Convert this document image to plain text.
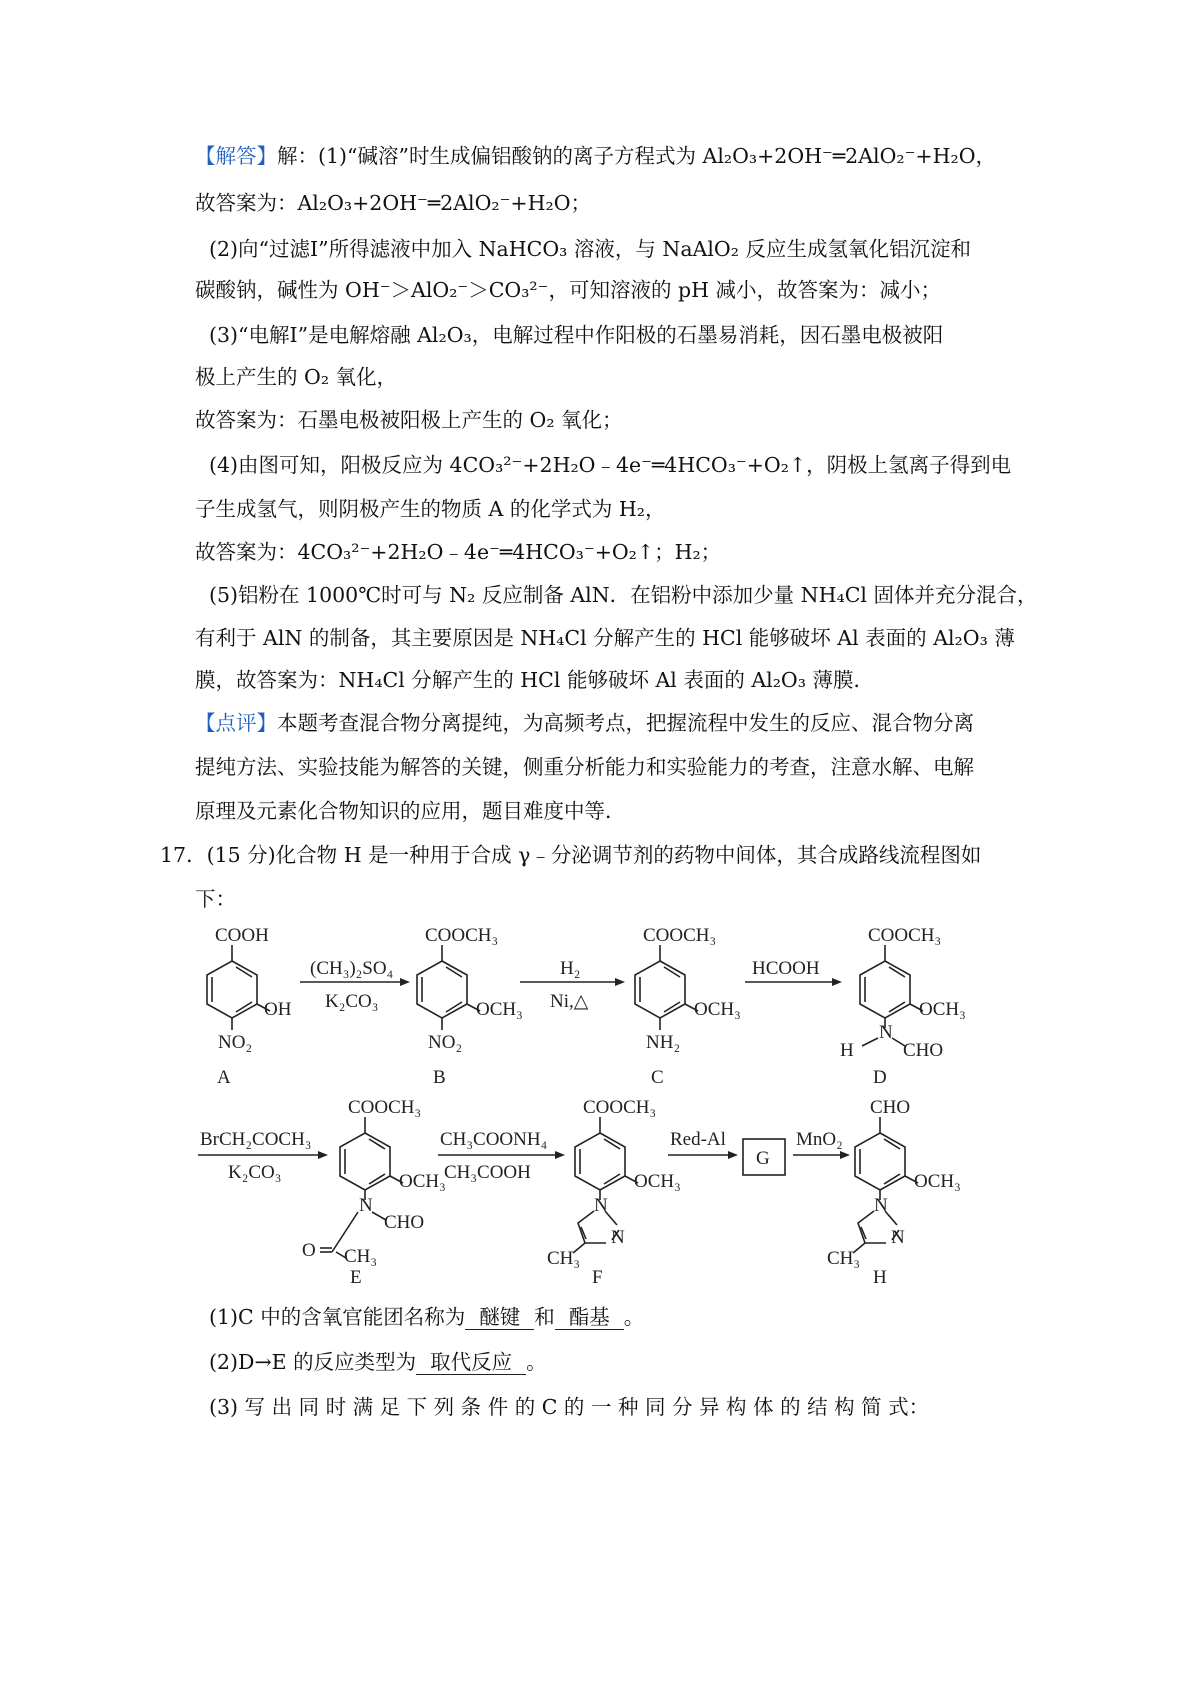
【解答】解：(1)“碱溶”时生成偏铝酸钠的离子方程式为 Al₂O₃+2OH⁻═2AlO₂⁻+H₂O，
故答案为：Al₂O₃+2OH⁻═2AlO₂⁻+H₂O；
(2)向“过滤Ⅰ”所得滤液中加入 NaHCO₃ 溶液，与 NaAlO₂ 反应生成氢氧化铝沉淀和
碳酸钠，碱性为 OH⁻＞AlO₂⁻＞CO₃²⁻，可知溶液的 pH 减小，故答案为：减小；
(3)“电解Ⅰ”是电解熔融 Al₂O₃，电解过程中作阳极的石墨易消耗，因石墨电极被阳
极上产生的 O₂ 氧化，
故答案为：石墨电极被阳极上产生的 O₂ 氧化；
(4)由图可知，阳极反应为 4CO₃²⁻+2H₂O﹣4e⁻═4HCO₃⁻+O₂↑，阴极上氢离子得到电
子生成氢气，则阴极产生的物质 A 的化学式为 H₂，
故答案为：4CO₃²⁻+2H₂O﹣4e⁻═4HCO₃⁻+O₂↑；H₂；
(5)铝粉在 1000℃时可与 N₂ 反应制备 AlN．在铝粉中添加少量 NH₄Cl 固体并充分混合，
有利于 AlN 的制备，其主要原因是 NH₄Cl 分解产生的 HCl 能够破坏 Al 表面的 Al₂O₃ 薄
膜，故答案为：NH₄Cl 分解产生的 HCl 能够破坏 Al 表面的 Al₂O₃ 薄膜．
【点评】本题考查混合物分离提纯，为高频考点，把握流程中发生的反应、混合物分离
提纯方法、实验技能为解答的关键，侧重分析能力和实验能力的考查，注意水解、电解
原理及元素化合物知识的应用，题目难度中等．
17．(15 分)化合物 H 是一种用于合成 γ﹣分泌调节剂的药物中间体，其合成路线流程图如
下：
COOH
OH
NO₂
COOCH₃
OCH₃
NO₂
COOCH₃
OCH₃
NH₂
COOCH₃
OCH₃
N
H	CHO
(CH₃)₂SO₄
K₂CO₃
H₂
Ni,△
HCOOH
A	B	C	D
BrCH₂COCH₃
K₂CO₃
CH₃COONH₄
CH₃COOH
Red-Al	MnO₂
G
COOCH₃
OCH₃
N
CHO
O CH₃
COOCH₃
OCH₃
N
N
CH₃
CHO
OCH₃
N
N
CH₃
E	F	H
(1)C 中的含氧官能团名称为 醚键 和 酯基 。
(2)D→E 的反应类型为 取代反应 。
(3) 写 出 同 时 满 足 下 列 条 件 的 C 的 一 种 同 分 异 构 体 的 结 构 简 式：
